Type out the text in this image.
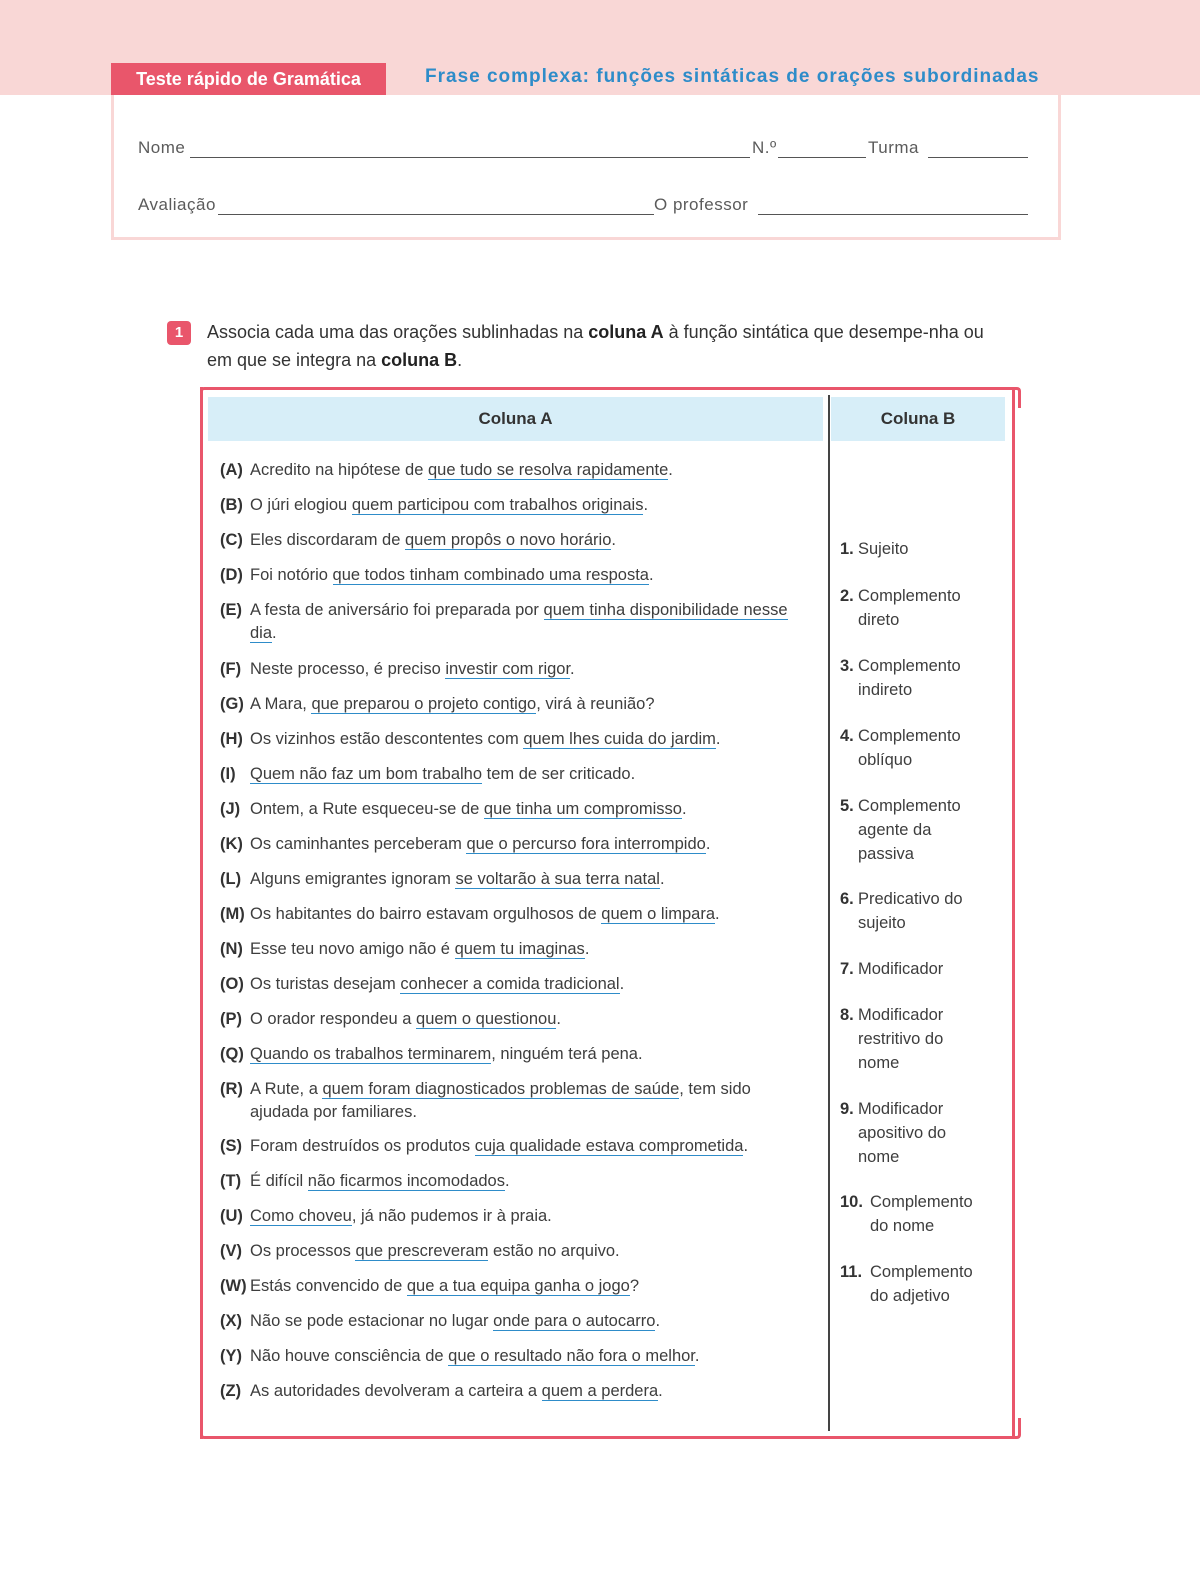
Teste rápido de Gramática	Frase complexa: funções sintáticas de orações subordinadas
Nome	N.º	Turma
Avaliação	O professor
1	Associa cada uma das orações sublinhadas na coluna A à função sintática que desempe-nha ou em que se integra na coluna B.
Coluna A	Coluna B
(A) Acredito na hipótese de que tudo se resolva rapidamente.
(B) O júri elogiou quem participou com trabalhos originais.
(C) Eles discordaram de quem propôs o novo horário.
(D) Foi notório que todos tinham combinado uma resposta.
(E) A festa de aniversário foi preparada por quem tinha disponibilidade nesse dia.
(F) Neste processo, é preciso investir com rigor.
(G) A Mara, que preparou o projeto contigo, virá à reunião?
(H) Os vizinhos estão descontentes com quem lhes cuida do jardim.
(I) Quem não faz um bom trabalho tem de ser criticado.
(J) Ontem, a Rute esqueceu-se de que tinha um compromisso.
(K) Os caminhantes perceberam que o percurso fora interrompido.
(L) Alguns emigrantes ignoram se voltarão à sua terra natal.
(M) Os habitantes do bairro estavam orgulhosos de quem o limpara.
(N) Esse teu novo amigo não é quem tu imaginas.
(O) Os turistas desejam conhecer a comida tradicional.
(P) O orador respondeu a quem o questionou.
(Q) Quando os trabalhos terminarem, ninguém terá pena.
(R) A Rute, a quem foram diagnosticados problemas de saúde, tem sido ajudada por familiares.
(S) Foram destruídos os produtos cuja qualidade estava comprometida.
(T) É difícil não ficarmos incomodados.
(U) Como choveu, já não pudemos ir à praia.
(V) Os processos que prescreveram estão no arquivo.
(W) Estás convencido de que a tua equipa ganha o jogo?
(X) Não se pode estacionar no lugar onde para o autocarro.
(Y) Não houve consciência de que o resultado não fora o melhor.
(Z) As autoridades devolveram a carteira a quem a perdera.
1. Sujeito
2. Complemento direto
3. Complemento indireto
4. Complemento oblíquo
5. Complemento agente da passiva
6. Predicativo do sujeito
7. Modificador
8. Modificador restritivo do nome
9. Modificador apositivo do nome
10. Complemento do nome
11. Complemento do adjetivo
